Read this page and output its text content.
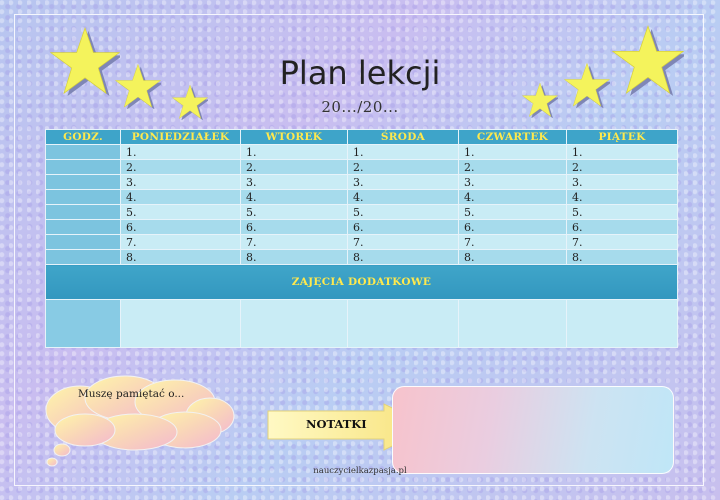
Plan lekcji
20.../20...
GODZ.	PONIEDZIAŁEK	WTOREK	ŚRODA	CZWARTEK	PIĄTEK
	1.	1.	1.	1.	1.
	2.	2.	2.	2.	2.
	3.	3.	3.	3.	3.
	4.	4.	4.	4.	4.
	5.	5.	5.	5.	5.
	6.	6.	6.	6.	6.
	7.	7.	7.	7.	7.
	8.	8.	8.	8.	8.
ZAJĘCIA DODATKOWE					

Muszę pamiętać o...
NOTATKI
nauczycielkazpasja.pl
